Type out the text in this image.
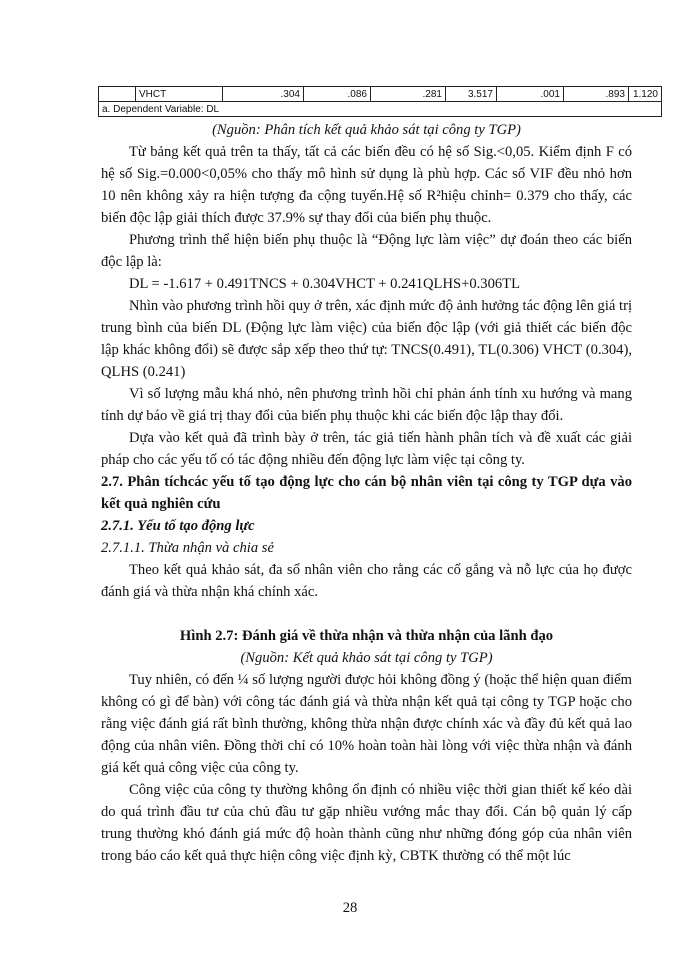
	VHCT	.304	.086	.281	3.517	.001	.893	1.120
a. Dependent Variable: DL

(Nguồn: Phân tích kết quả khảo sát tại công ty TGP)

Từ bảng kết quả trên ta thấy, tất cả các biến đều có hệ số Sig.<0,05. Kiểm định F có hệ số Sig.=0.000<0,05% cho thấy mô hình sử dụng là phù hợp. Các số VIF đều nhỏ hơn 10 nên không xảy ra hiện tượng đa cộng tuyến.Hệ số R²hiệu chỉnh= 0.379 cho thấy, các biến độc lập giải thích được 37.9% sự thay đổi của biến phụ thuộc.

Phương trình thể hiện biến phụ thuộc là “Động lực làm việc” dự đoán theo các biến độc lập là:

DL = -1.617 + 0.491TNCS + 0.304VHCT + 0.241QLHS+0.306TL

Nhìn vào phương trình hồi quy ở trên, xác định mức độ ảnh hưởng tác động lên giá trị trung bình của biến DL (Động lực làm việc) của biến độc lập (với giả thiết các biến độc lập khác không đổi) sẽ được sắp xếp theo thứ tự: TNCS(0.491), TL(0.306) VHCT (0.304), QLHS (0.241)

Vì số lượng mẫu khá nhỏ, nên phương trình hồi chỉ phản ánh tính xu hướng và mang tính dự báo về giá trị thay đổi của biến phụ thuộc khi các biến độc lập thay đổi.

Dựa vào kết quả đã trình bày ở trên, tác giả tiến hành phân tích và đề xuất các giải pháp cho các yếu tố có tác động nhiều đến động lực làm việc tại công ty.

2.7. Phân tíchcác yếu tố tạo động lực cho cán bộ nhân viên tại công ty TGP dựa vào kết quả nghiên cứu

2.7.1. Yếu tố tạo động lực

2.7.1.1. Thừa nhận và chia sẻ

Theo kết quả khảo sát, đa số nhân viên cho rằng các cố gắng và nỗ lực của họ được đánh giá và thừa nhận khá chính xác.

Hình 2.7: Đánh giá về thừa nhận và thừa nhận của lãnh đạo

(Nguồn: Kết quả khảo sát tại công ty TGP)

Tuy nhiên, có đến ¼ số lượng người được hỏi không đồng ý (hoặc thể hiện quan điểm không có gì để bàn) với công tác đánh giá và thừa nhận kết quả tại công ty TGP hoặc cho rằng việc đánh giá rất bình thường, không thừa nhận được chính xác và đầy đủ kết quả lao động của nhân viên. Đồng thời chỉ có 10% hoàn toàn hài lòng với việc thừa nhận và đánh giá kết quả công việc của công ty.

Công việc của công ty thường không ổn định có nhiều việc thời gian thiết kế kéo dài do quá trình đầu tư của chủ đầu tư gặp nhiều vướng mắc thay đổi. Cán bộ quản lý cấp trung thường khó đánh giá mức độ hoàn thành cũng như những đóng góp của nhân viên trong báo cáo kết quả thực hiện công việc định kỳ, CBTK thường có thể một lúc

28
